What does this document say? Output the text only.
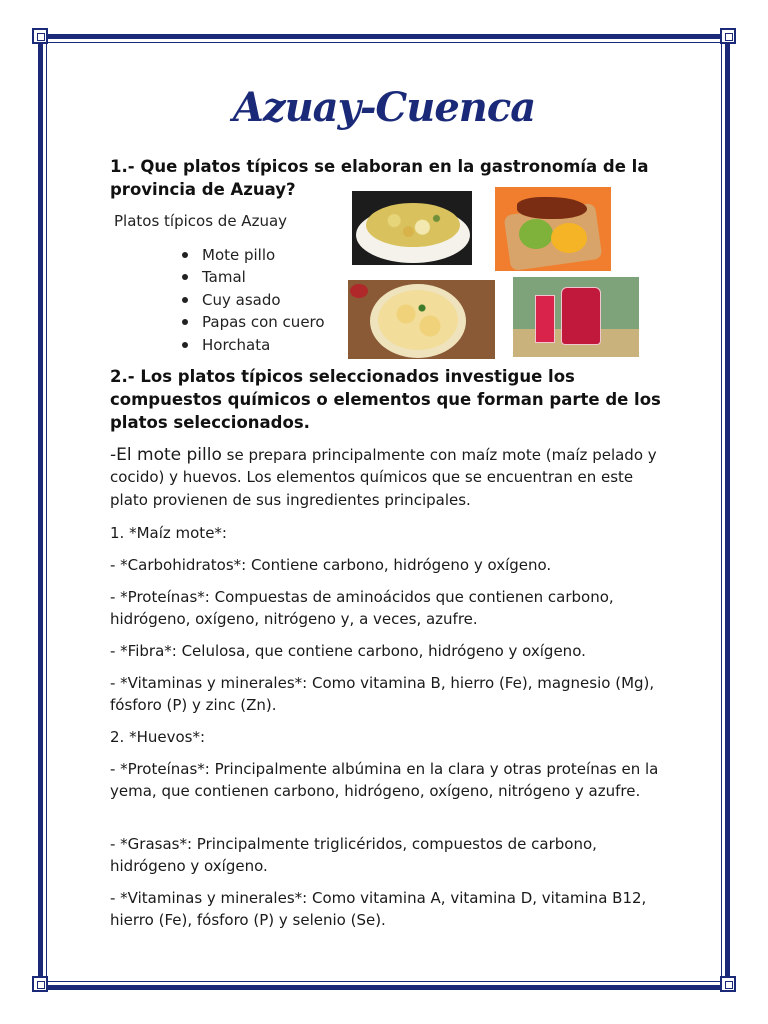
Azuay-Cuenca
1.- Que platos típicos se elaboran en la gastronomía de la provincia de Azuay?
Platos típicos de Azuay
Mote pillo
Tamal
Cuy asado
Papas con cuero
Horchata
2.- Los platos típicos seleccionados investigue los compuestos químicos o elementos que forman parte de los platos seleccionados.

-El mote pillo se prepara principalmente con maíz mote (maíz pelado y cocido) y huevos. Los elementos químicos que se encuentran en este plato provienen de sus ingredientes principales.

1. *Maíz mote*:

- *Carbohidratos*: Contiene carbono, hidrógeno y oxígeno.

- *Proteínas*: Compuestas de aminoácidos que contienen carbono, hidrógeno, oxígeno, nitrógeno y, a veces, azufre.

- *Fibra*: Celulosa, que contiene carbono, hidrógeno y oxígeno.

- *Vitaminas y minerales*: Como vitamina B, hierro (Fe), magnesio (Mg), fósforo (P) y zinc (Zn).

2. *Huevos*:

- *Proteínas*: Principalmente albúmina en la clara y otras proteínas en la yema, que contienen carbono, hidrógeno, oxígeno, nitrógeno y azufre.

- *Grasas*: Principalmente triglicéridos, compuestos de carbono, hidrógeno y oxígeno.

- *Vitaminas y minerales*: Como vitamina A, vitamina D, vitamina B12, hierro (Fe), fósforo (P) y selenio (Se).
